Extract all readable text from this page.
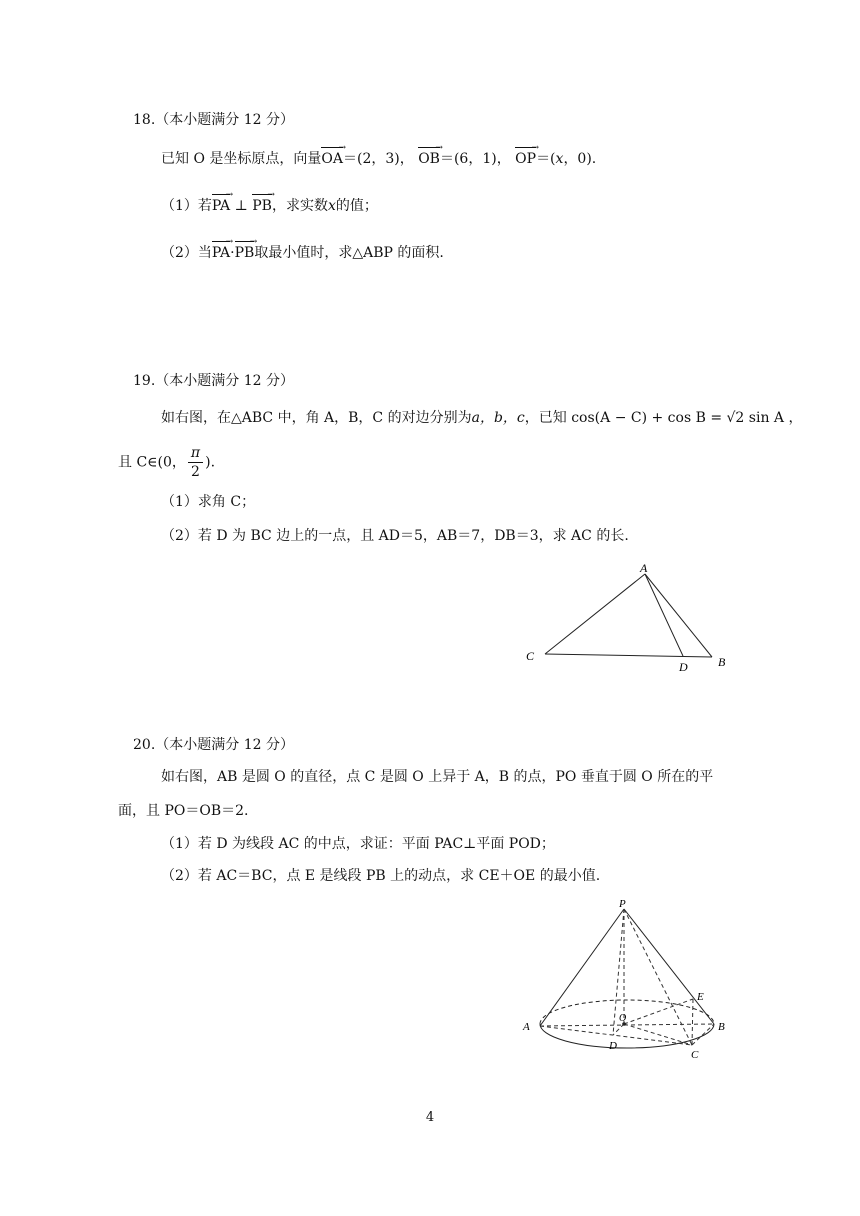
18.（本小题满分 12 分）
已知 O 是坐标原点，向量
→
OA＝(2，3)，
→
OB＝(6，1)，
→
OP＝(x，0).
（1）若
→
PA ⊥
→
PB，求实数x的值；
（2）当
→
PA·
→
PB取最小值时，求△ABP 的面积.
19.（本小题满分 12 分）
如右图，在△ABC 中，角 A，B，C 的对边分别为a，b，c，已知 cos(A − C) + cos B = √2 sin A ，
且 C∈(0， $\frac{\pi}{2}$ ).
（1）求角 C；
（2）若 D 为 BC 边上的一点，且 AD＝5，AB＝7，DB＝3，求 AC 的长.
A
C
D	B
20.（本小题满分 12 分）
如右图，AB 是圆 O 的直径，点 C 是圆 O 上异于 A，B 的点，PO 垂直于圆 O 所在的平
面，且 PO＝OB＝2.
（1）若 D 为线段 AC 的中点，求证：平面 PAC⊥平面 POD；
（2）若 AC＝BC，点 E 是线段 PB 上的动点，求 CE＋OE 的最小值.
P
A	B
E
O
D
C
4
